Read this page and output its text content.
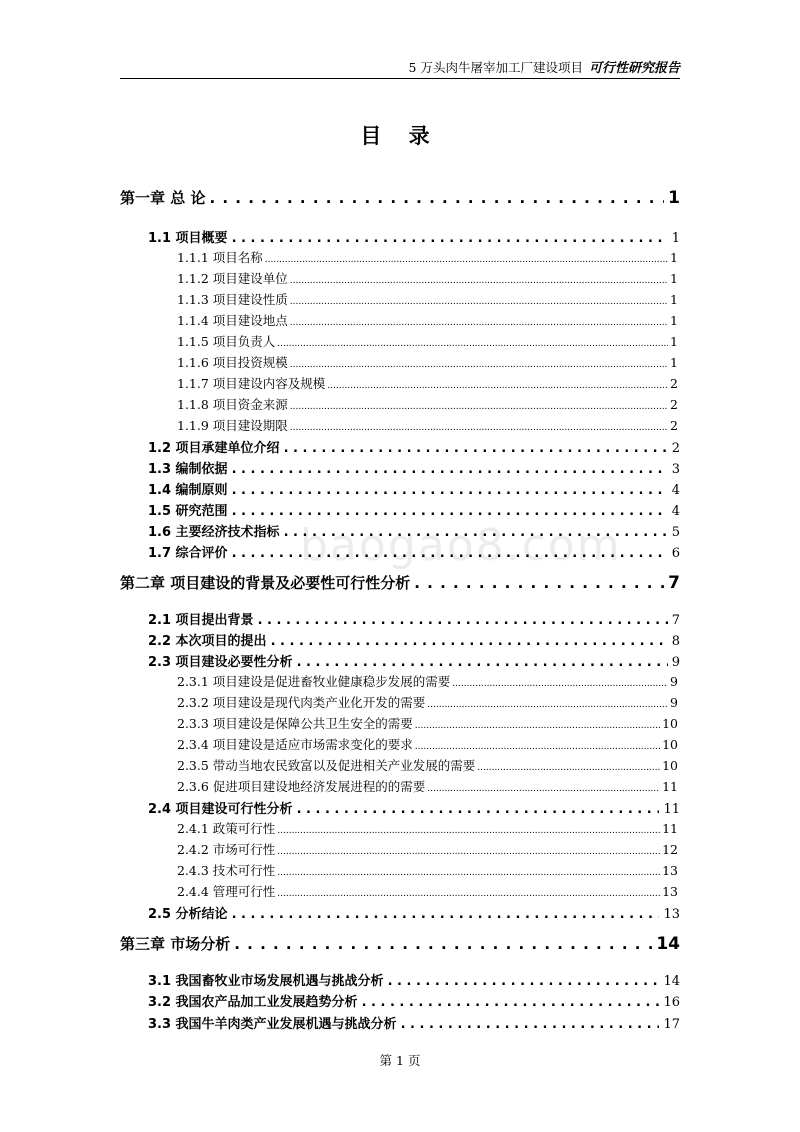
5 万头肉牛屠宰加工厂建设项目 可行性研究报告
目 录
baogao8.com
第一章 总 论 . . .	1
1.1 项目概要 . . .	1
1.1.1 项目名称 .....	1
1.1.2 项目建设单位 .....	1
1.1.3 项目建设性质 .....	1
1.1.4 项目建设地点 .....	1
1.1.5 项目负责人 .....	1
1.1.6 项目投资规模 .....	1
1.1.7 项目建设内容及规模 .....	2
1.1.8 项目资金来源 .....	2
1.1.9 项目建设期限 .....	2
1.2 项目承建单位介绍 . . .	2
1.3 编制依据 . . .	3
1.4 编制原则 . . .	4
1.5 研究范围 . . .	4
1.6 主要经济技术指标 . . .	5
1.7 综合评价 . . .	6
第二章 项目建设的背景及必要性可行性分析 . . .	7
2.1 项目提出背景 . . .	7
2.2 本次项目的提出 . . .	8
2.3 项目建设必要性分析 . . .	9
2.3.1 项目建设是促进畜牧业健康稳步发展的需要 .....	9
2.3.2 项目建设是现代肉类产业化开发的需要 .....	9
2.3.3 项目建设是保障公共卫生安全的需要 .....	10
2.3.4 项目建设是适应市场需求变化的要求 .....	10
2.3.5 带动当地农民致富以及促进相关产业发展的需要 .....	10
2.3.6 促进项目建设地经济发展进程的的需要 .....	11
2.4 项目建设可行性分析 . . .	11
2.4.1 政策可行性 .....	11
2.4.2 市场可行性 .....	12
2.4.3 技术可行性 .....	13
2.4.4 管理可行性 .....	13
2.5 分析结论 . . .	13
第三章 市场分析 . . .	14
3.1 我国畜牧业市场发展机遇与挑战分析 . . .	14
3.2 我国农产品加工业发展趋势分析 . . .	16
3.3 我国牛羊肉类产业发展机遇与挑战分析 . . .	17
第 1 页
